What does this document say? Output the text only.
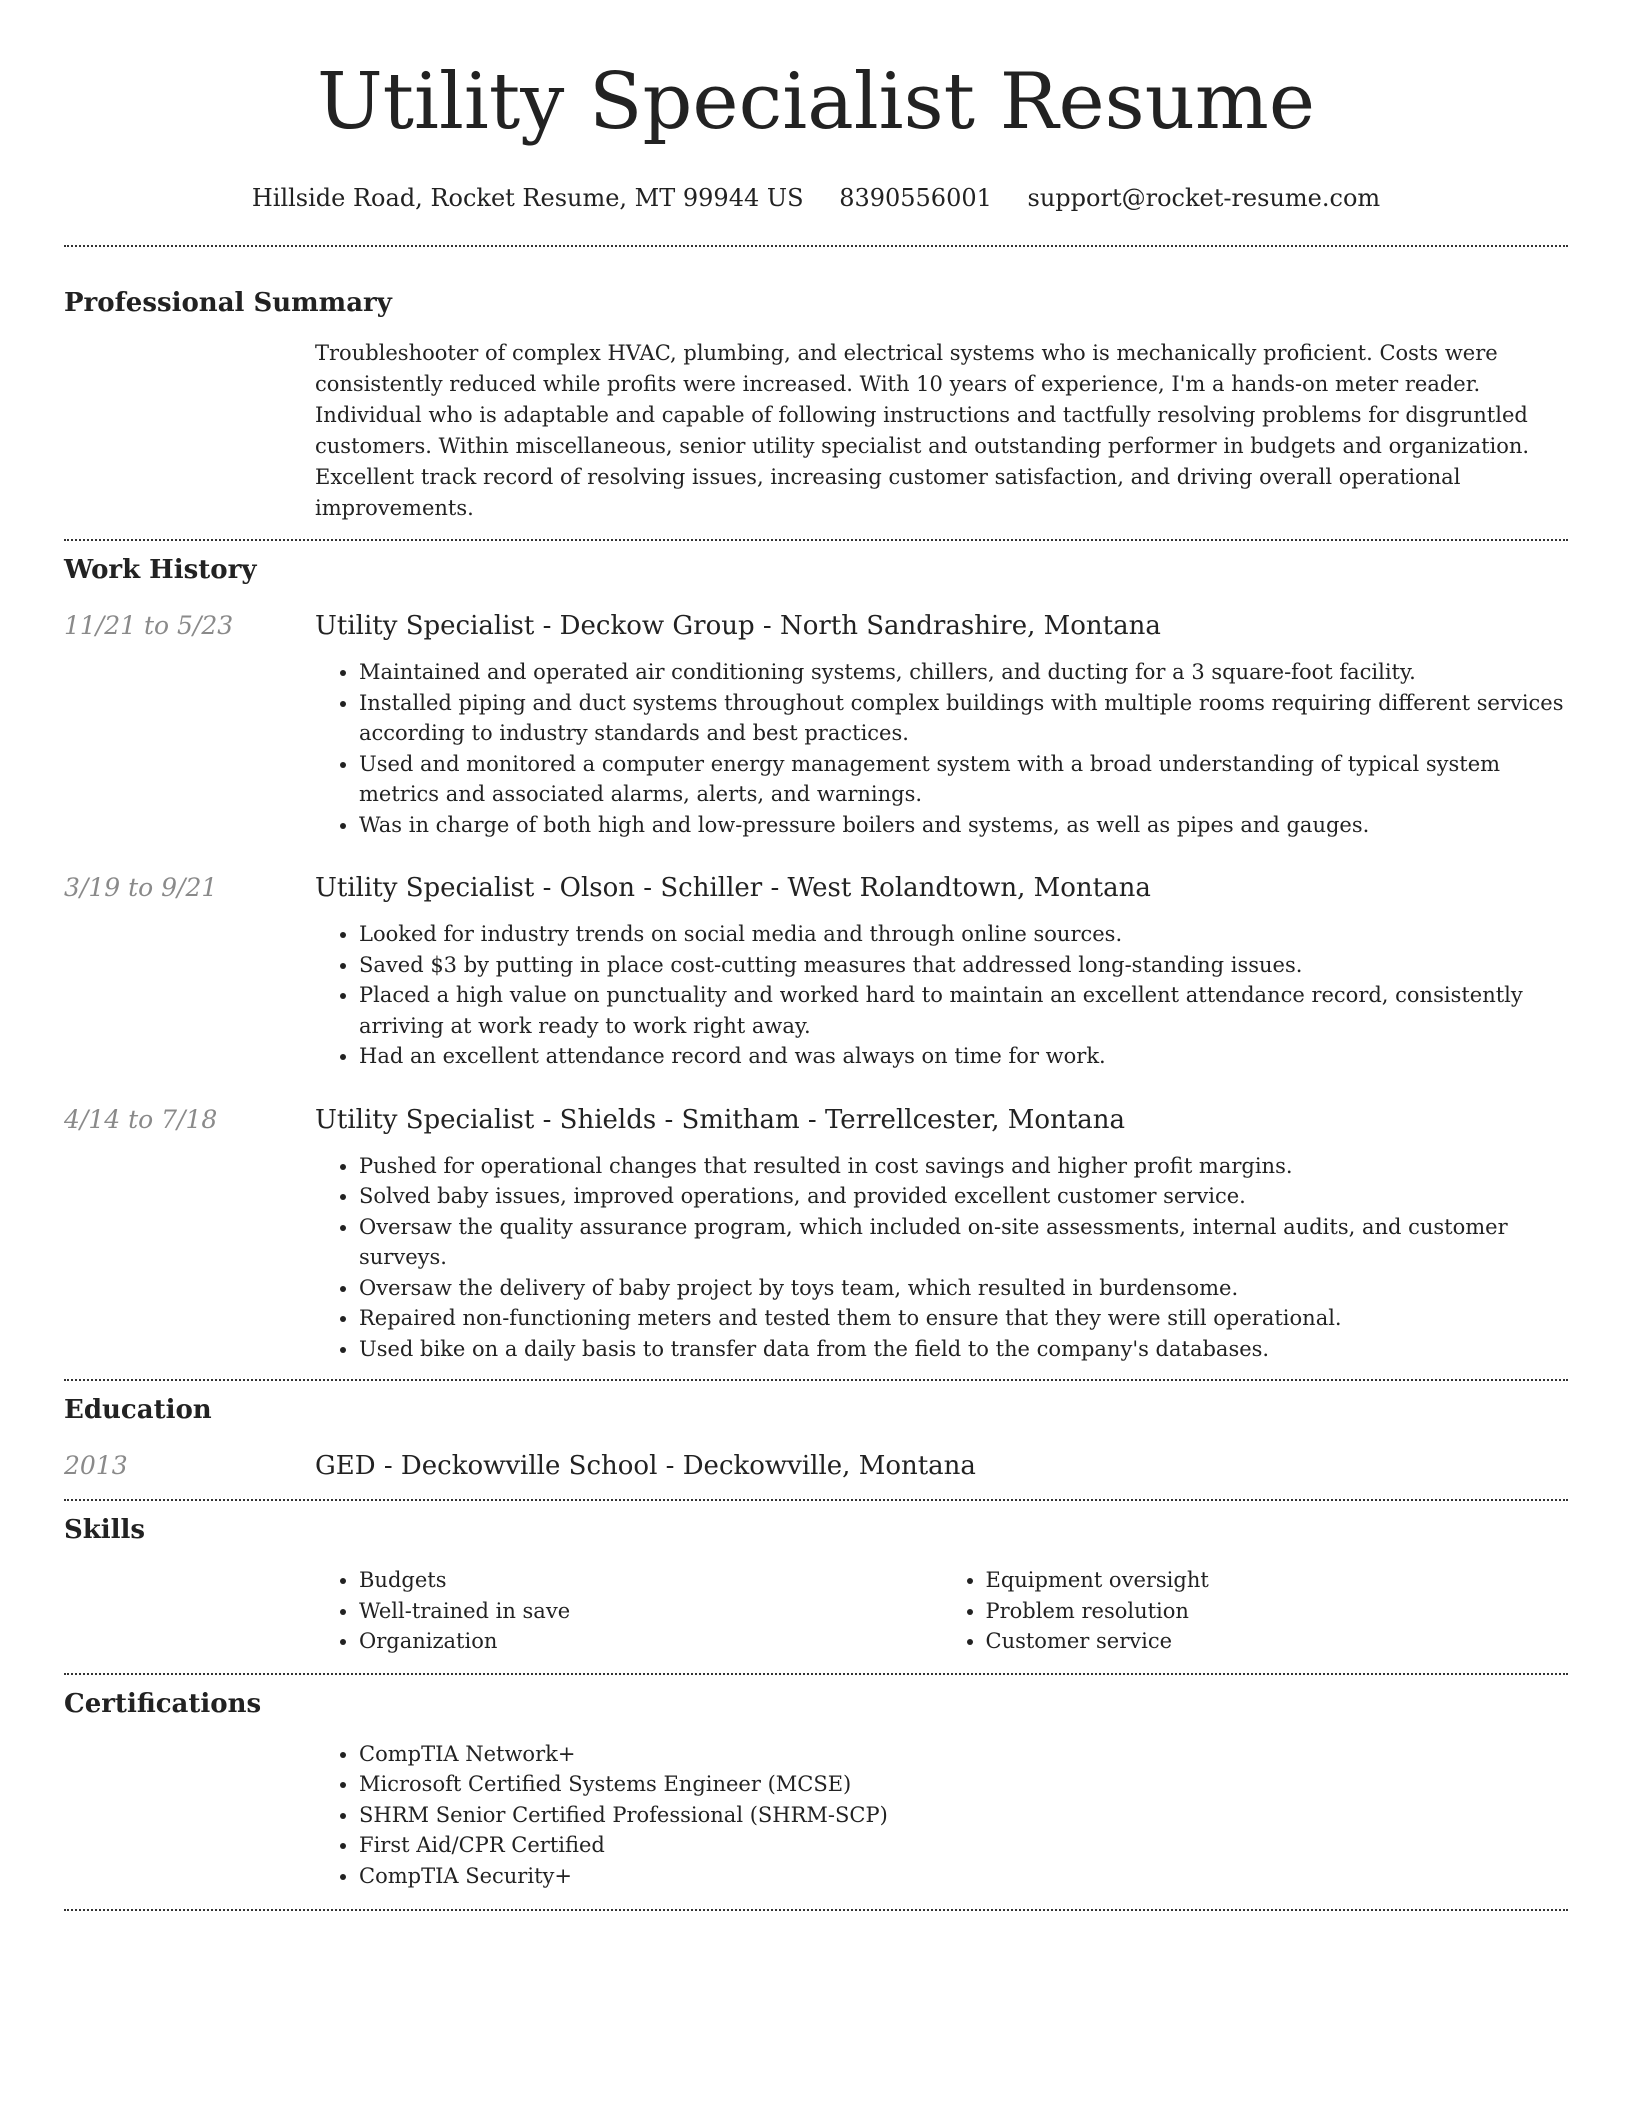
Utility Specialist Resume
Hillside Road, Rocket Resume, MT 99944 US 8390556001 support@rocket-resume.com
Professional Summary

Troubleshooter of complex HVAC, plumbing, and electrical systems who is mechanically proficient. Costs were consistently reduced while profits were increased. With 10 years of experience, I'm a hands-on meter reader. Individual who is adaptable and capable of following instructions and tactfully resolving problems for disgruntled customers. Within miscellaneous, senior utility specialist and outstanding performer in budgets and organization. Excellent track record of resolving issues, increasing customer satisfaction, and driving overall operational improvements.

Work History
11/21 to 5/23	Utility Specialist - Deckow Group - North Sandrashire, Montana
• Maintained and operated air conditioning systems, chillers, and ducting for a 3 square-foot facility.
• Installed piping and duct systems throughout complex buildings with multiple rooms requiring different services according to industry standards and best practices.
• Used and monitored a computer energy management system with a broad understanding of typical system metrics and associated alarms, alerts, and warnings.
• Was in charge of both high and low-pressure boilers and systems, as well as pipes and gauges.
3/19 to 9/21	Utility Specialist - Olson - Schiller - West Rolandtown, Montana
• Looked for industry trends on social media and through online sources.
• Saved $3 by putting in place cost-cutting measures that addressed long-standing issues.
• Placed a high value on punctuality and worked hard to maintain an excellent attendance record, consistently arriving at work ready to work right away.
• Had an excellent attendance record and was always on time for work.
4/14 to 7/18	Utility Specialist - Shields - Smitham - Terrellcester, Montana
• Pushed for operational changes that resulted in cost savings and higher profit margins.
• Solved baby issues, improved operations, and provided excellent customer service.
• Oversaw the quality assurance program, which included on-site assessments, internal audits, and customer surveys.
• Oversaw the delivery of baby project by toys team, which resulted in burdensome.
• Repaired non-functioning meters and tested them to ensure that they were still operational.
• Used bike on a daily basis to transfer data from the field to the company's databases.
Education
2013	GED - Deckowville School - Deckowville, Montana
Skills
• Budgets
• Well-trained in save
• Organization
• Equipment oversight
• Problem resolution
• Customer service
Certifications
• CompTIA Network+
• Microsoft Certified Systems Engineer (MCSE)
• SHRM Senior Certified Professional (SHRM-SCP)
• First Aid/CPR Certified
• CompTIA Security+
